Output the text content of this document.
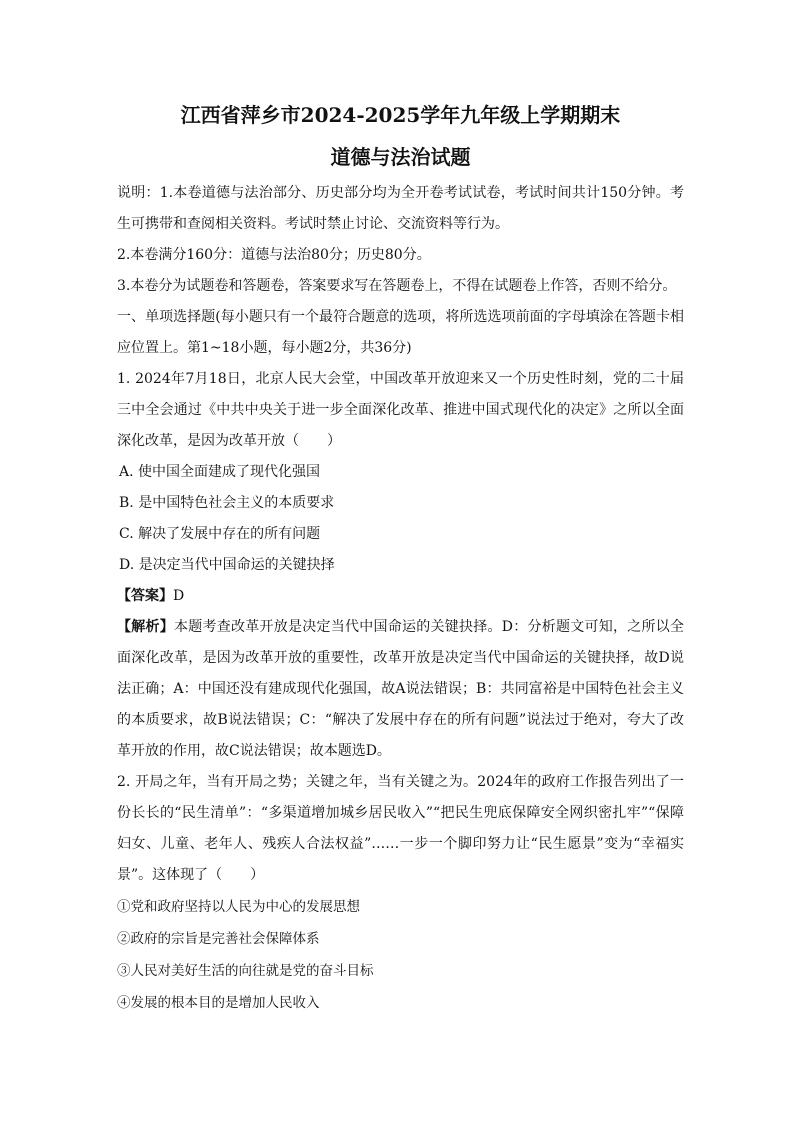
江西省萍乡市2024-2025学年九年级上学期期末
道德与法治试题

说明：1.本卷道德与法治部分、历史部分均为全开卷考试试卷，考试时间共计150分钟。考生可携带和查阅相关资料。考试时禁止讨论、交流资料等行为。

2.本卷满分160分：道德与法治80分；历史80分。

3.本卷分为试题卷和答题卷，答案要求写在答题卷上，不得在试题卷上作答，否则不给分。

一、单项选择题(每小题只有一个最符合题意的选项，将所选选项前面的字母填涂在答题卡相应位置上。第1~18小题，每小题2分，共36分)

1. 2024年7月18日，北京人民大会堂，中国改革开放迎来又一个历史性时刻，党的二十届三中全会通过《中共中央关于进一步全面深化改革、推进中国式现代化的决定》之所以全面深化改革，是因为改革开放（　　）

A. 使中国全面建成了现代化强国
B. 是中国特色社会主义的本质要求
C. 解决了发展中存在的所有问题
D. 是决定当代中国命运的关键抉择

【答案】D

【解析】本题考查改革开放是决定当代中国命运的关键抉择。D：分析题文可知，之所以全面深化改革，是因为改革开放的重要性，改革开放是决定当代中国命运的关键抉择，故D说法正确；A：中国还没有建成现代化强国，故A说法错误；B：共同富裕是中国特色社会主义的本质要求，故B说法错误；C：“解决了发展中存在的所有问题”说法过于绝对，夸大了改革开放的作用，故C说法错误；故本题选D。

2. 开局之年，当有开局之势；关键之年，当有关键之为。2024年的政府工作报告列出了一份长长的“民生清单”：“多渠道增加城乡居民收入”“把民生兜底保障安全网织密扎牢”“保障妇女、儿童、老年人、残疾人合法权益”……一步一个脚印努力让“民生愿景”变为“幸福实景”。这体现了（　　）

①党和政府坚持以人民为中心的发展思想
②政府的宗旨是完善社会保障体系
③人民对美好生活的向往就是党的奋斗目标
④发展的根本目的是增加人民收入
